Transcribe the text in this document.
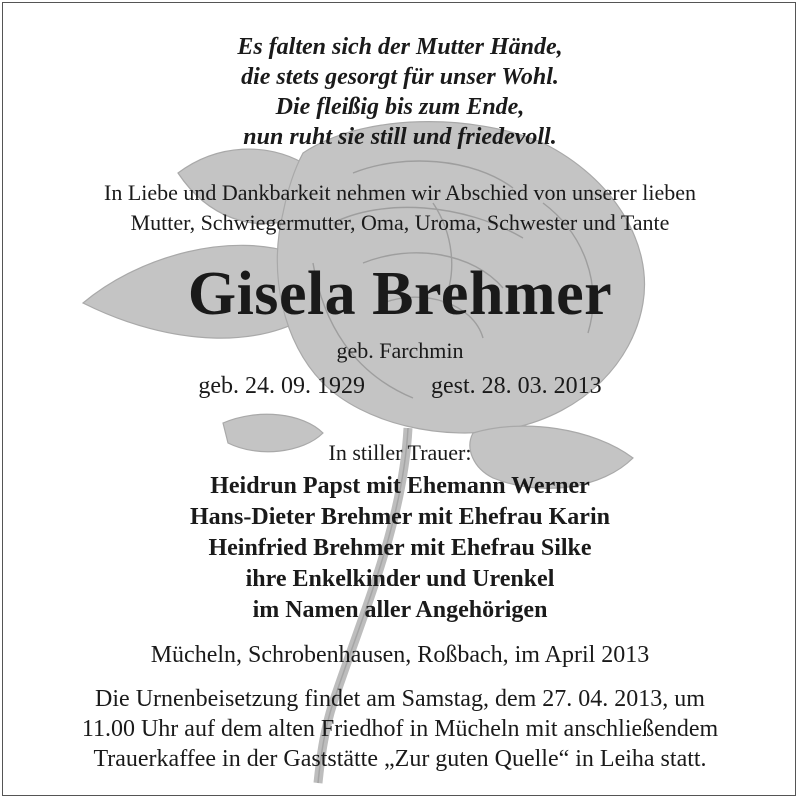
Es falten sich der Mutter Hände,
die stets gesorgt für unser Wohl.
Die fleißig bis zum Ende,
nun ruht sie still und friedevoll.
In Liebe und Dankbarkeit nehmen wir Abschied von unserer lieben
Mutter, Schwiegermutter, Oma, Uroma, Schwester und Tante
Gisela Brehmer
geb. Farchmin
geb. 24. 09. 1929	gest. 28. 03. 2013
In stiller Trauer:
Heidrun Papst mit Ehemann Werner
Hans-Dieter Brehmer mit Ehefrau Karin
Heinfried Brehmer mit Ehefrau Silke
ihre Enkelkinder und Urenkel
im Namen aller Angehörigen
Mücheln, Schrobenhausen, Roßbach, im April 2013
Die Urnenbeisetzung findet am Samstag, dem 27. 04. 2013, um
11.00 Uhr auf dem alten Friedhof in Mücheln mit anschließendem
Trauerkaffee in der Gaststätte „Zur guten Quelle“ in Leiha statt.
